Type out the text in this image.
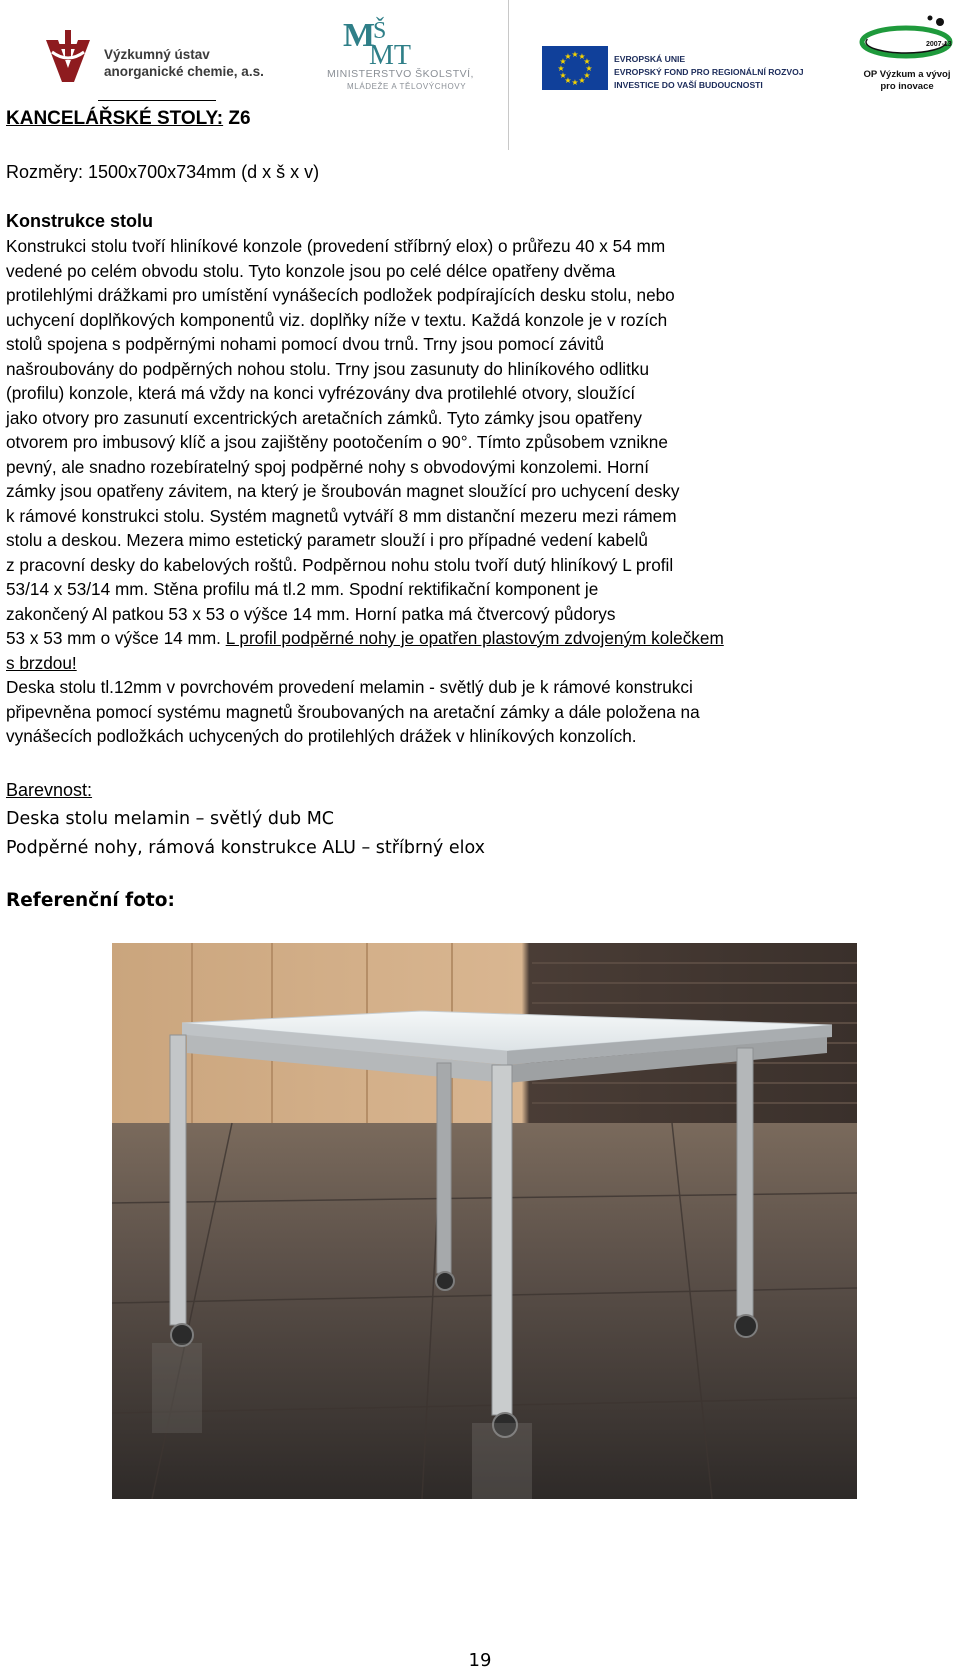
Výzkumný ústav
anorganické chemie, a.s.
M
Š
MT
MINISTERSTVO ŠKOLSTVÍ,
MLÁDEŽE A TĚLOVÝCHOVY
★ ★
★
★
★
★
★
★
★
★
★
★	EVROPSKÁ UNIE
EVROPSKÝ FOND PRO REGIONÁLNÍ ROZVOJ
INVESTICE DO VAŠÍ BUDOUCNOSTI
2007-13
OP Výzkum a vývoj
pro inovace
KANCELÁŘSKÉ STOLY: Z6
Rozměry: 1500x700x734mm (d x š x v)
Konstrukce stolu
Konstrukci stolu tvoří hliníkové konzole (provedení stříbrný elox) o průřezu 40 x 54 mm
vedené po celém obvodu stolu. Tyto konzole jsou po celé délce opatřeny dvěma
protilehlými drážkami pro umístění vynášecích podložek podpírajících desku stolu, nebo
uchycení doplňkových komponentů viz. doplňky níže v textu. Každá konzole je v rozích
stolů spojena s podpěrnými nohami pomocí dvou trnů. Trny jsou pomocí závitů
našroubovány do podpěrných nohou stolu. Trny jsou zasunuty do hliníkového odlitku
(profilu) konzole, která má vždy na konci vyfrézovány dva protilehlé otvory, sloužící
jako otvory pro zasunutí excentrických aretačních zámků. Tyto zámky jsou opatřeny
otvorem pro imbusový klíč a jsou zajištěny pootočením o 90°. Tímto způsobem vznikne
pevný, ale snadno rozebíratelný spoj podpěrné nohy s obvodovými konzolemi. Horní
zámky jsou opatřeny závitem, na který je šroubován magnet sloužící pro uchycení desky
k rámové konstrukci stolu. Systém magnetů vytváří 8 mm distanční mezeru mezi rámem
stolu a deskou. Mezera mimo estetický parametr slouží i pro případné vedení kabelů
z pracovní desky do kabelových roštů. Podpěrnou nohu stolu tvoří dutý hliníkový L profil
53/14 x 53/14 mm. Stěna profilu má tl.2 mm. Spodní rektifikační komponent je
zakončený Al patkou 53 x 53 o výšce 14 mm. Horní patka má čtvercový půdorys
53 x 53 mm o výšce 14 mm. L profil podpěrné nohy je opatřen plastovým zdvojeným kolečkem
s brzdou!
Deska stolu tl.12mm v povrchovém provedení melamin - světlý dub je k rámové konstrukci
připevněna pomocí systému magnetů šroubovaných na aretační zámky a dále položena na
vynášecích podložkách uchycených do protilehlých drážek v hliníkových konzolích.
Barevnost:
Deska stolu melamin – světlý dub MC
Podpěrné nohy, rámová konstrukce ALU – stříbrný elox
Referenční foto:
19
